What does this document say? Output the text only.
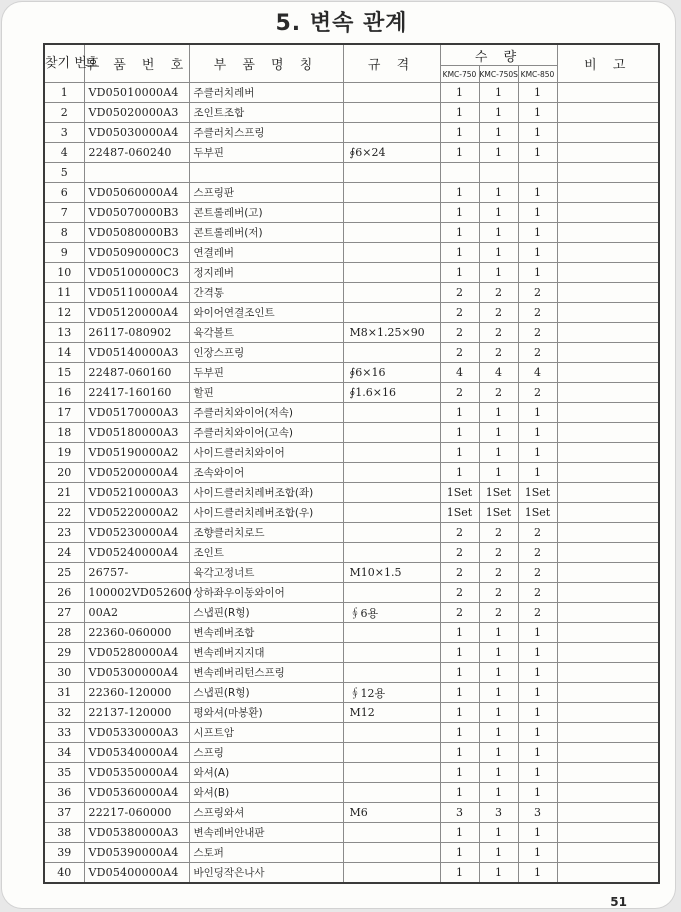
5. 변속 관계
찾기 번호	부 품 번 호	부 품 명 칭	규 격	수 량			비 고
				KMC-750	KMC-750S	KMC-850	
1	VD05010000A4	주클러치레버		1	1	1	
2	VD05020000A3	조인트조합		1	1	1	
3	VD05030000A4	주클러치스프링		1	1	1	
4	22487-060240	두부핀	∮6×24	1	1	1	
5							
6	VD05060000A4	스프링판		1	1	1	
7	VD05070000B3	콘트롤레버(고)		1	1	1	
8	VD05080000B3	콘트롤레버(저)		1	1	1	
9	VD05090000C3	연결레버		1	1	1	
10	VD05100000C3	정지레버		1	1	1	
11	VD05110000A4	간격통		2	2	2	
12	VD05120000A4	와이어연결조인트		2	2	2	
13	26117-080902	육각볼트	M8×1.25×90	2	2	2	
14	VD05140000A3	인장스프링		2	2	2	
15	22487-060160	두부핀	∮6×16	4	4	4	
16	22417-160160	할핀	∮1.6×16	2	2	2	
17	VD05170000A3	주클러치와이어(저속)		1	1	1	
18	VD05180000A3	주클러치와이어(고속)		1	1	1	
19	VD05190000A2	사이드클러치와이어		1	1	1	
20	VD05200000A4	조속와이어		1	1	1	
21	VD05210000A3	사이드클러치레버조합(좌)		1Set	1Set	1Set	
22	VD05220000A2	사이드클러치레버조합(우)		1Set	1Set	1Set	
23	VD05230000A4	조향클러치로드		2	2	2	
24	VD05240000A4	조인트		2	2	2	
25	26757-	육각고정너트	M10×1.5	2	2	2	
26	100002VD052600	상하좌우이동와이어		2	2	2	
27	00A2	스냅핀(R형)	∮6용	2	2	2	
28	22360-060000	변속레버조합		1	1	1	
29	VD05280000A4	변속레버지지대		1	1	1	
30	VD05300000A4	변속레버리턴스프링		1	1	1	
31	22360-120000	스냅핀(R형)	∮12용	1	1	1	
32	22137-120000	평와셔(마봉환)	M12	1	1	1	
33	VD05330000A3	시프트암		1	1	1	
34	VD05340000A4	스프링		1	1	1	
35	VD05350000A4	와셔(A)		1	1	1	
36	VD05360000A4	와셔(B)		1	1	1	
37	22217-060000	스프링와셔	M6	3	3	3	
38	VD05380000A3	변속레버안내판		1	1	1	
39	VD05390000A4	스토퍼		1	1	1	
40	VD05400000A4	바인딩작은나사		1	1	1	
51
